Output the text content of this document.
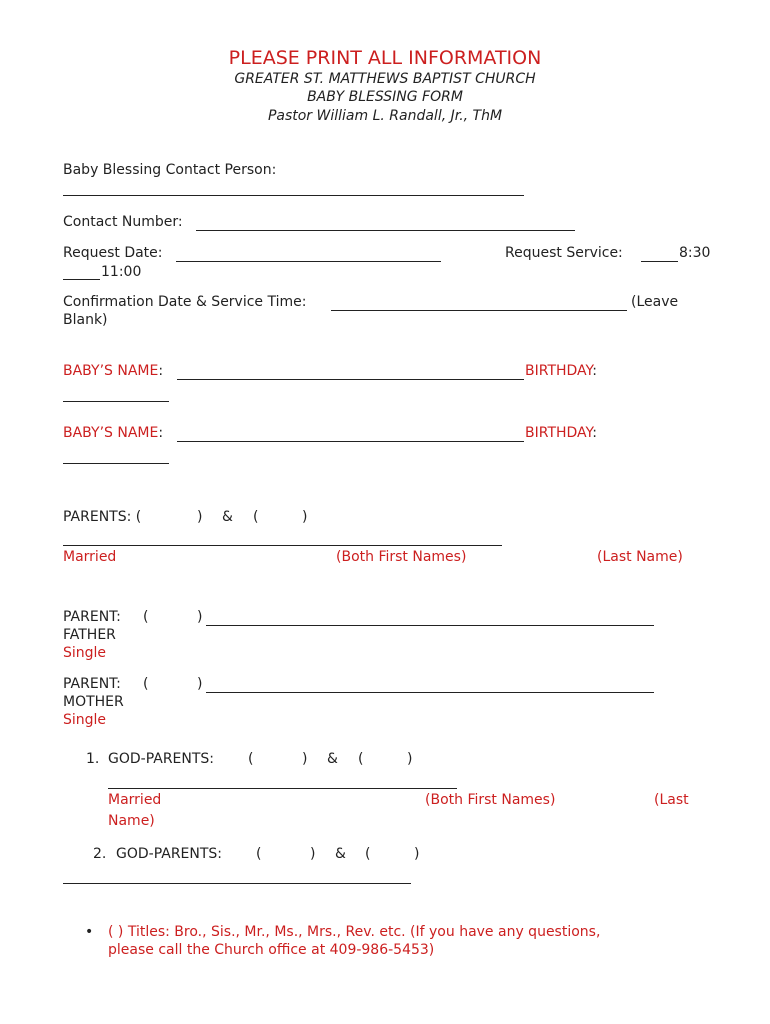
PLEASE PRINT ALL INFORMATION
GREATER ST. MATTHEWS BAPTIST CHURCH
BABY BLESSING FORM
Pastor William L. Randall, Jr., ThM
Baby Blessing Contact Person:
Contact Number:
Request Date:	Request Service:	8:30
11:00
Confirmation Date & Service Time:	(Leave
Blank)
BABY’S NAME:	BIRTHDAY:
BABY’S NAME:	BIRTHDAY:
PARENTS: (	) & (	)
Married	(Both First Names)	(Last Name)
PARENT: (	)
FATHER
Single
PARENT: (	)
MOTHER
Single
1. GOD-PARENTS: (	) & (	)
Married	(Both First Names)	(Last
Name)
2. GOD-PARENTS: (	) & (	)
• ( ) Titles: Bro., Sis., Mr., Ms., Mrs., Rev. etc. (If you have any questions,
please call the Church office at 409-986-5453)
